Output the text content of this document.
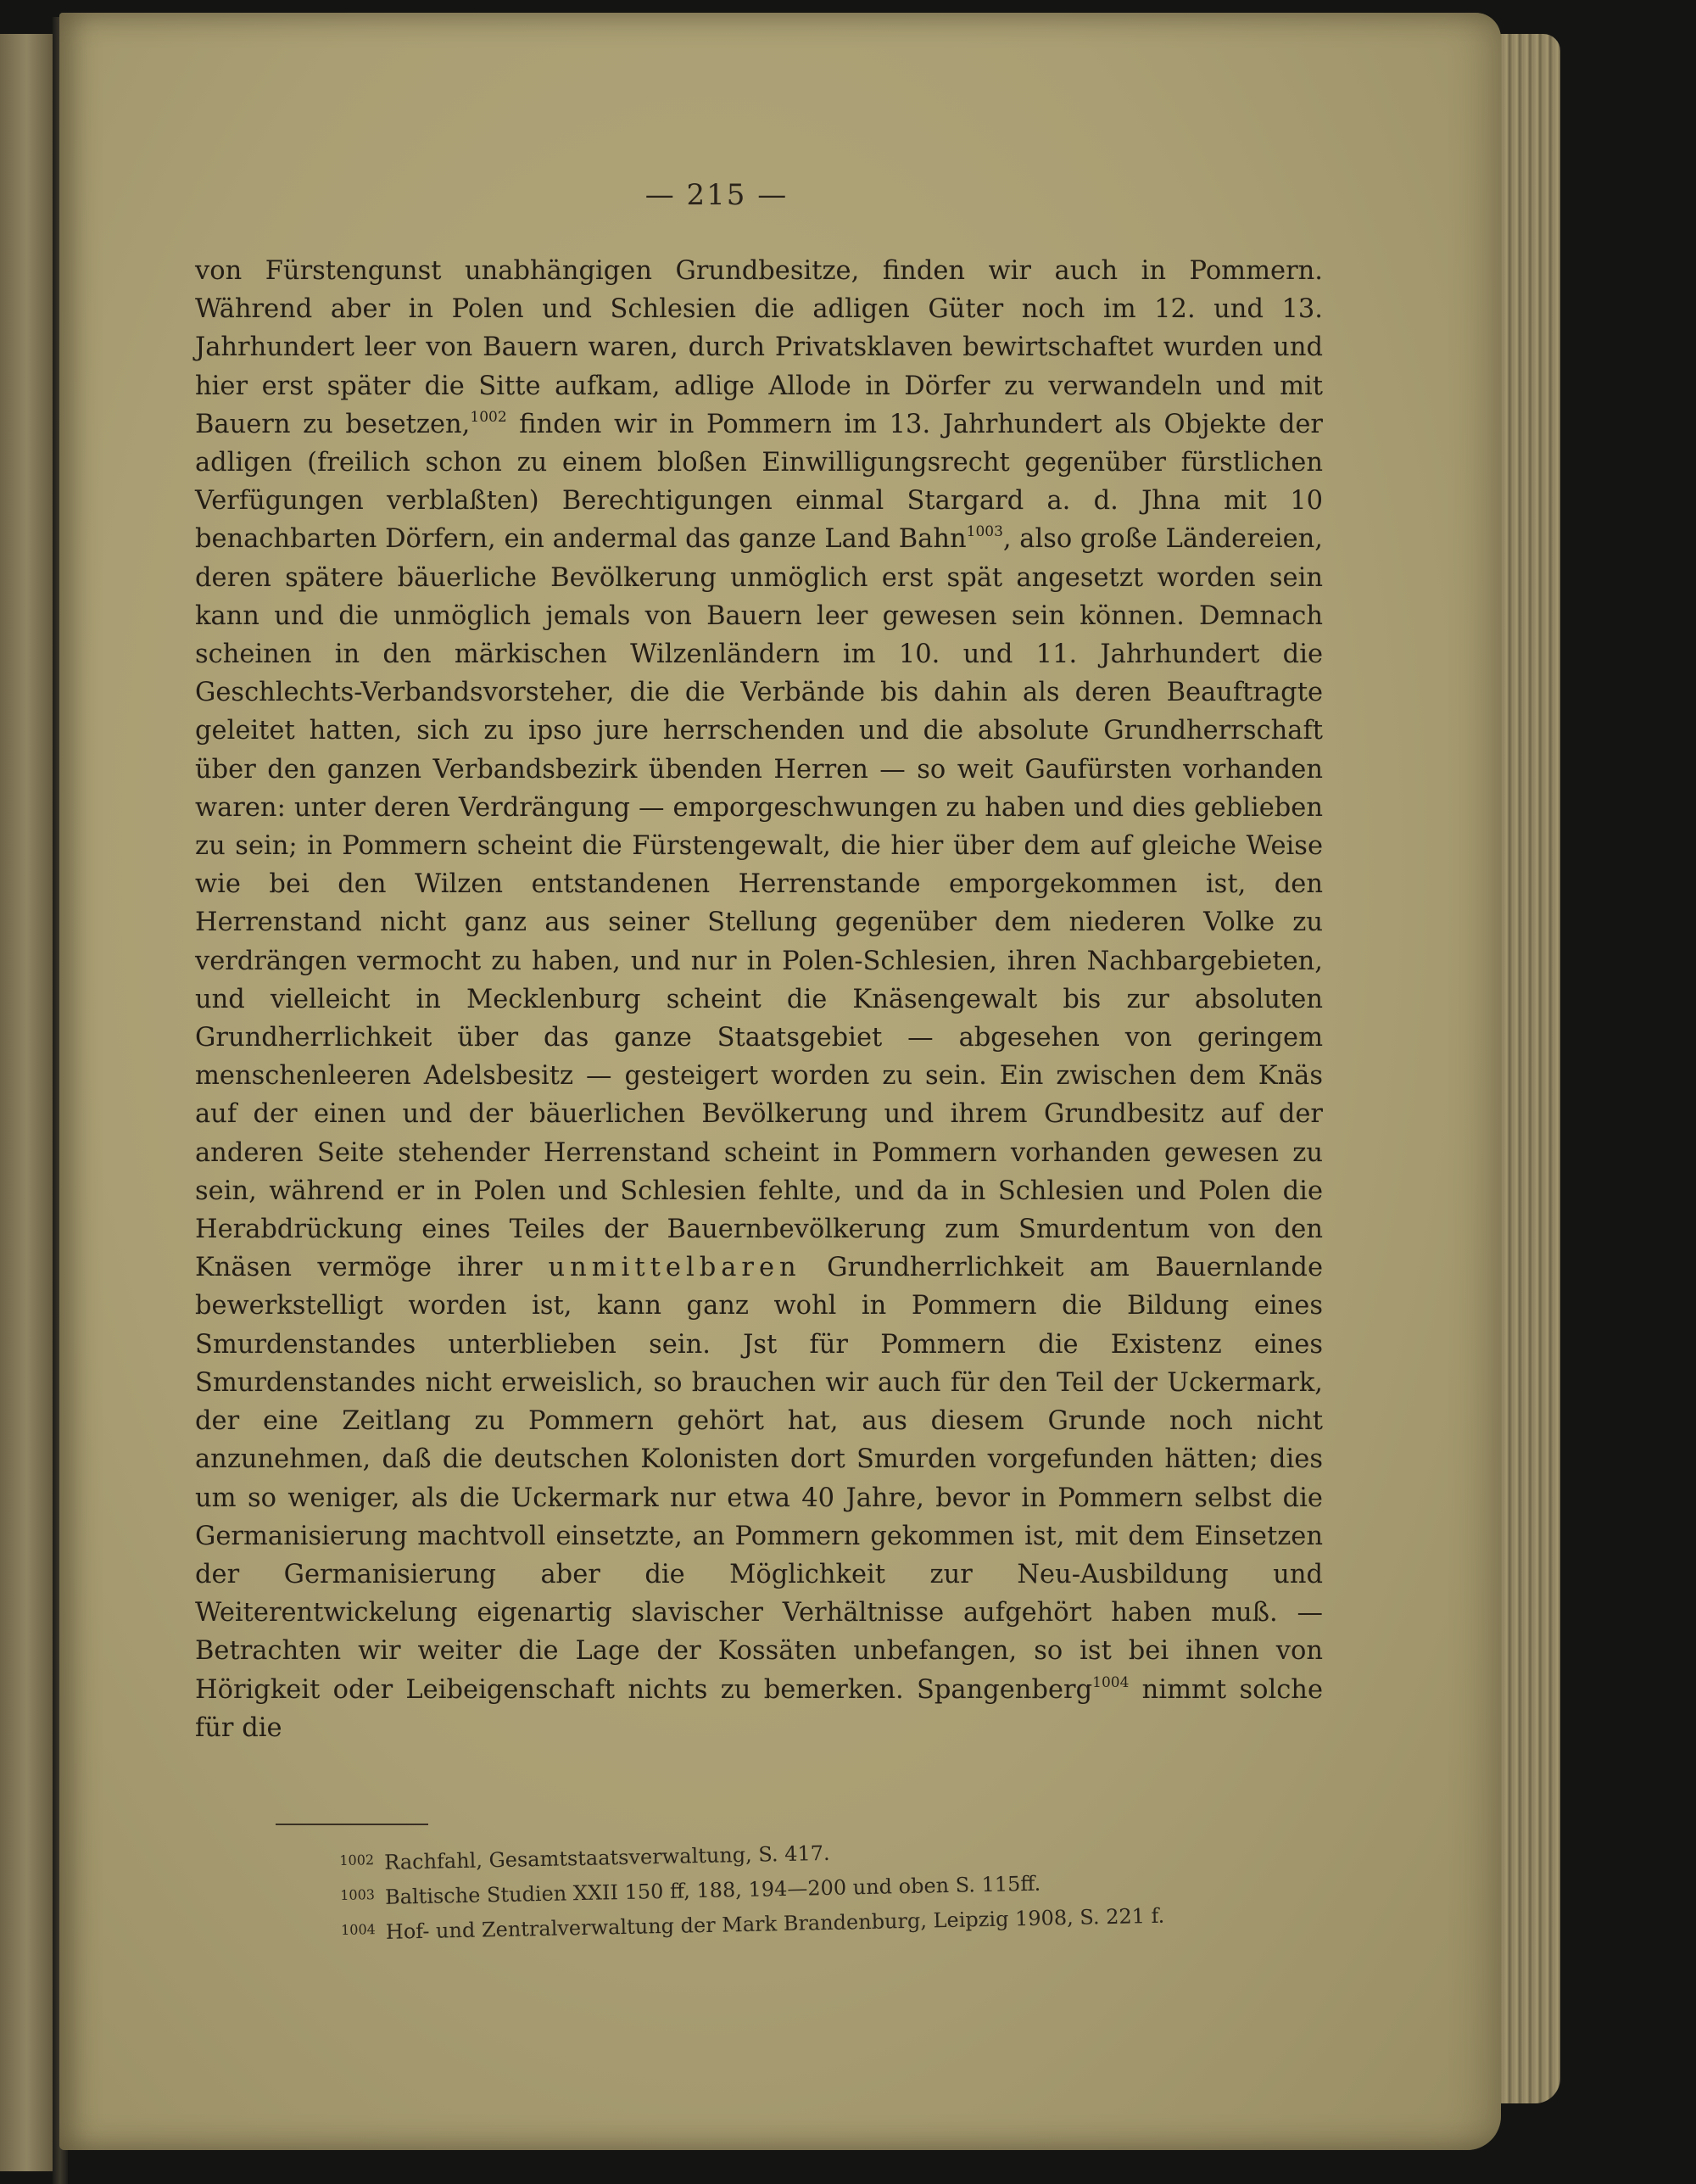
— 215 —

von Fürstengunst unabhängigen Grundbesitze, finden wir auch in Pommern. Während aber in Polen und Schlesien die adligen Güter noch im 12. und 13. Jahrhundert leer von Bauern waren, durch Privatsklaven bewirtschaftet wurden und hier erst später die Sitte aufkam, adlige Allode in Dörfer zu verwandeln und mit Bauern zu besetzen,$^{1002}$ finden wir in Pommern im 13. Jahrhundert als Objekte der adligen (freilich schon zu einem bloßen Einwilligungsrecht gegenüber fürstlichen Verfügungen verblaßten) Berechtigungen einmal Stargard a. d. Jhna mit 10 benachbarten Dörfern, ein andermal das ganze Land Bahn$^{1003}$, also große Ländereien, deren spätere bäuerliche Bevölkerung unmöglich erst spät angesetzt worden sein kann und die unmöglich jemals von Bauern leer gewesen sein können. Demnach scheinen in den märkischen Wilzenländern im 10. und 11. Jahrhundert die Geschlechts-Verbandsvorsteher, die die Verbände bis dahin als deren Beauftragte geleitet hatten, sich zu ipso jure herrschenden und die absolute Grundherrschaft über den ganzen Verbandsbezirk übenden Herren — so weit Gaufürsten vorhanden waren: unter deren Verdrängung — emporgeschwungen zu haben und dies geblieben zu sein; in Pommern scheint die Fürstengewalt, die hier über dem auf gleiche Weise wie bei den Wilzen entstandenen Herrenstande emporgekommen ist, den Herrenstand nicht ganz aus seiner Stellung gegenüber dem niederen Volke zu verdrängen vermocht zu haben, und nur in Polen-Schlesien, ihren Nachbargebieten, und vielleicht in Mecklenburg scheint die Knäsengewalt bis zur absoluten Grundherrlichkeit über das ganze Staatsgebiet — abgesehen von geringem menschenleeren Adelsbesitz — gesteigert worden zu sein. Ein zwischen dem Knäs auf der einen und der bäuerlichen Bevölkerung und ihrem Grundbesitz auf der anderen Seite stehender Herrenstand scheint in Pommern vorhanden gewesen zu sein, während er in Polen und Schlesien fehlte, und da in Schlesien und Polen die Herabdrückung eines Teiles der Bauernbevölkerung zum Smurdentum von den Knäsen vermöge ihrer unmittelbaren Grundherrlichkeit am Bauernlande bewerkstelligt worden ist, kann ganz wohl in Pommern die Bildung eines Smurdenstandes unterblieben sein. Jst für Pommern die Existenz eines Smurdenstandes nicht erweislich, so brauchen wir auch für den Teil der Uckermark, der eine Zeitlang zu Pommern gehört hat, aus diesem Grunde noch nicht anzunehmen, daß die deutschen Kolonisten dort Smurden vorgefunden hätten; dies um so weniger, als die Uckermark nur etwa 40 Jahre, bevor in Pommern selbst die Germanisierung machtvoll einsetzte, an Pommern gekommen ist, mit dem Einsetzen der Germanisierung aber die Möglichkeit zur Neu-Ausbildung und Weiterentwickelung eigenartig slavischer Verhältnisse aufgehört haben muß. — Betrachten wir weiter die Lage der Kossäten unbefangen, so ist bei ihnen von Hörigkeit oder Leibeigenschaft nichts zu bemerken. Spangenberg$^{1004}$ nimmt solche für die

$^{1002}$ Rachfahl, Gesamtstaatsverwaltung, S. 417.
$^{1003}$ Baltische Studien XXII 150 ff, 188, 194—200 und oben S. 115ff.
$^{1004}$ Hof- und Zentralverwaltung der Mark Brandenburg, Leipzig 1908, S. 221 f.
